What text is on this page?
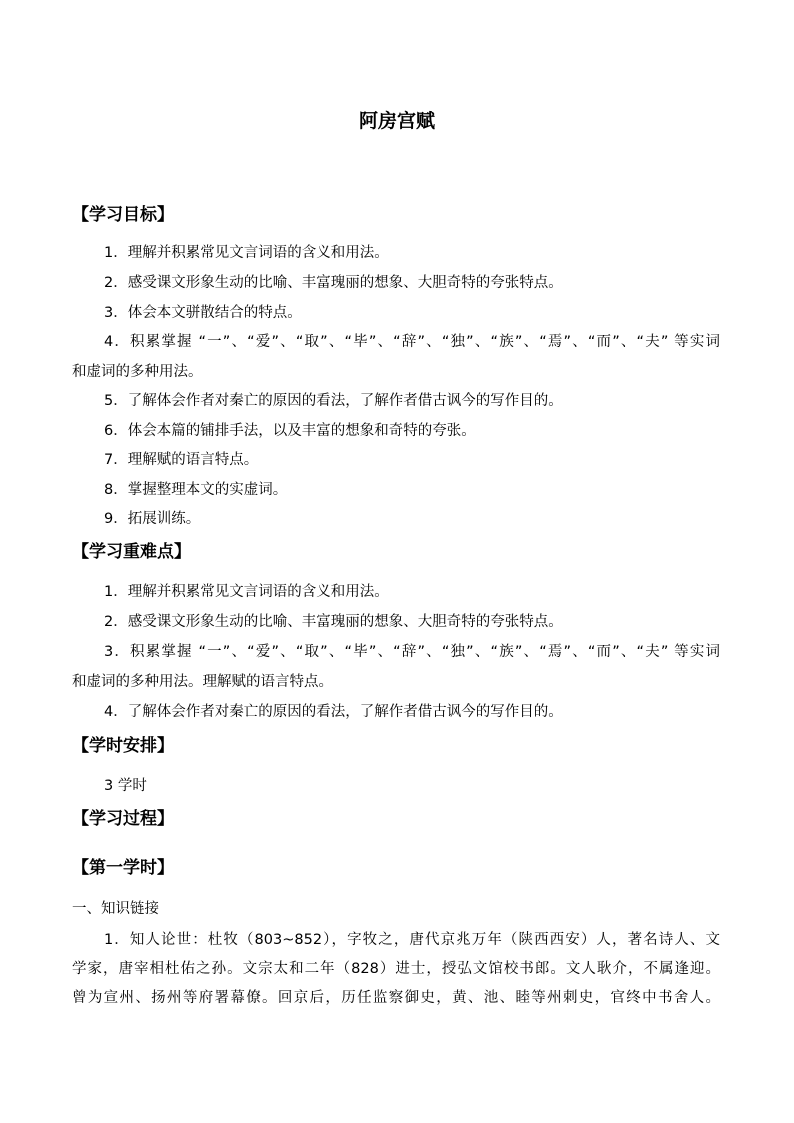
阿房宫赋
【学习目标】
1．理解并积累常见文言词语的含义和用法。
2．感受课文形象生动的比喻、丰富瑰丽的想象、大胆奇特的夸张特点。
3．体会本文骈散结合的特点。
4．积累掌握 “一”、“爱”、“取”、“毕”、“辞”、“独”、“族”、“焉”、“而”、“夫” 等实词
和虚词的多种用法。
5．了解体会作者对秦亡的原因的看法，了解作者借古讽今的写作目的。
6．体会本篇的铺排手法，以及丰富的想象和奇特的夸张。
7．理解赋的语言特点。
8．掌握整理本文的实虚词。
9．拓展训练。
【学习重难点】
1．理解并积累常见文言词语的含义和用法。
2．感受课文形象生动的比喻、丰富瑰丽的想象、大胆奇特的夸张特点。
3．积累掌握 “一”、“爱”、“取”、“毕”、“辞”、“独”、“族”、“焉”、“而”、“夫” 等实词
和虚词的多种用法。理解赋的语言特点。
4．了解体会作者对秦亡的原因的看法，了解作者借古讽今的写作目的。
【学时安排】
3 学时
【学习过程】
【第一学时】
一、知识链接
1．知人论世：杜牧（803~852），字牧之，唐代京兆万年（陕西西安）人，著名诗人、文
学家，唐宰相杜佑之孙。文宗太和二年（828）进士，授弘文馆校书郎。文人耿介，不属逢迎。
曾为宣州、扬州等府署幕僚。回京后，历任监察御史，黄、池、睦等州刺史，官终中书舍人。
